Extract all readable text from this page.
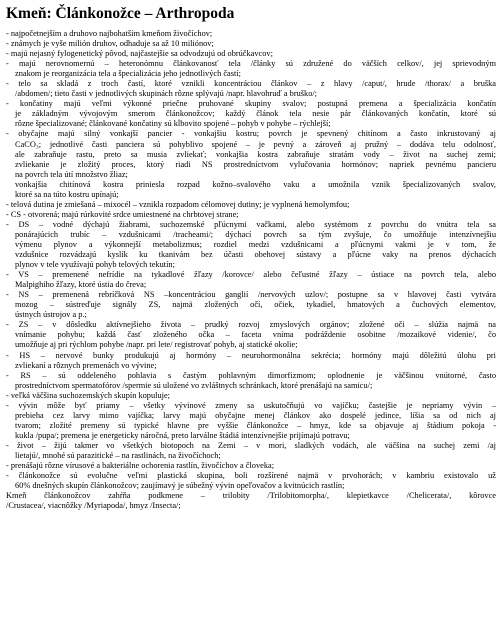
Kmeň: Článkonožce – Arthropoda
- najpočetnejším a druhovo najbohatším kmeňom živočíchov;
- známych je vyše milión druhov, odhaduje sa až 10 miliónov;
- majú nejasný fylogenetický pôvod, najčastejšie sa odvodzujú od obrúčkavcov;
- majú nerovnomernú – heteronómnu článkovanosť tela /články sú združené do väčších celkov/, jej sprievodným
znakom je reorganizácia tela a špecializácia jeho jednotlivých častí;
- telo sa skladá z troch častí, ktoré vznikli koncentráciou článkov – z hlavy /caput/, hrude /thorax/ a bruška
/abdomen/; tieto časti v jednotlivých skupinách rôzne splývajú /napr. hlavohruď a bruško/;
- končatiny majú veľmi výkonné priečne pruhované skupiny svalov; postupná premena a špecializácia končatín
je základným vývojovým smerom článkonožcov; každý článok tela nesie pár článkovaných končatín, ktoré sú
rôzne špecializované; článkované končatiny sú kĺbovito spojené – pohyb v pohybe – rýchlejší;
- obyčajne majú silný vonkajší pancier - vonkajšiu kostru; povrch je spevnený chitínom a často inkrustovaný aj
CaCO₃; jednotlivé časti panciera sú pohyblivo spojené – je pevný a zároveň aj pružný – dodáva telu odolnosť,
ale zabraňuje rastu, preto sa musia zvliekať; vonkajšia kostra zabraňuje stratám vody – život na suchej zemi;
zvliekanie je zložitý proces, ktorý riadi NS prostredníctvom vylučovania hormónov; napriek pevnému pancieru
na povrch tela útí množstvo žliaz;
vonkajšia chitínová kostra priniesla rozpad kožno–svalového vaku a umožnila vznik špecializovaných svalov,
ktoré sa na túto kostru upínajú;
- telová dutina je zmiešaná – mixocél – vznikla rozpadom célomovej dutiny; je vyplnená hemolymfou;
- CS - otvorená; majú rúrkovité srdce umiestnené na chrbtovej strane;
- DS – vodné dýchajú žiabrami, suchozemské pľúcnymi vačkami, alebo systémom z povrchu do vnútra tela sa
ponárajúcich trubíc – vzdušnicami /tracheami/; dýchací povrch sa tým zvyšuje, čo umožňuje intenzívnejšiu
výmenu plynov a výkonnejší metabolizmus; rozdiel medzi vzdušnicami a pľúcnymi vakmi je v tom, že
vzdušnice rozvádzajú kyslík ku tkanivám bez účasti obehovej sústavy a pľúcne vaky na prenos dýchacích
plynov v tele využívajú pohyb telových tekutín;
- VS – premenené nefrídie na tykadlové žľazy /korovce/ alebo čeľustné žľazy – ústiace na povrch tela, alebo
Malpighiho žľazy, ktoré ústia do čreva;
- NS – premenená rebríčková NS –koncentráciou ganglií /nervových uzlov/; postupne sa v hlavovej časti vytvára
mozog – sústreďuje signály ZS, najmä zložených očí, očiek, tykadiel, hmatových a čuchových elementov,
ústnych ústrojov a p.;
- ZS – v dôsledku aktívnejšieho života – prudký rozvoj zmyslových orgánov; zložené oči – slúžia najmä na
vnímanie pohybu; každá časť zloženého očka – faceta vníma podráždenie osobitne /mozaikové videnie/, čo
umožňuje aj pri rýchlom pohybe /napr. pri lete/ registrovať pohyb, aj statické okolie;
- HS – nervové bunky produkujú aj hormóny – neurohormonálna sekrécia; hormóny majú dôležitú úlohu pri
zvliekaní a rôznych premenách vo vývine;
- RS – sú oddeleného pohlavia s častým pohlavným dimorfizmom; oplodnenie je väčšinou vnútorné, často
prostredníctvom spermatofórov /spermie sú uložené vo zvláštnych schránkach, ktoré prenášajú na samicu/;
- veľká väčšina suchozemských skupín kopuluje;
- vývin môže byť priamy – všetky vývinové zmeny sa uskutočňujú vo vajíčku; častejšie je nepriamy vývin –
prebieha cez larvy mimo vajíčka; larvy majú obyčajne menej článkov ako dospelé jedince, líšia sa od nich aj
tvarom; zložité premeny sú typické hlavne pre vyššie článkonožce – hmyz, kde sa objavuje aj štádium pokoja -
kukla /pupa/; premena je energeticky náročná, preto larválne štádiá intenzívnejšie prijímajú potravu;
- život – žijú takmer vo všetkých biotopoch na Zemi – v mori, sladkých vodách, ale väčšina na suchej zemi /aj
lietajú/, mnohé sú parazitické – na rastlinách, na živočíchoch;
- prenášajú rôzne vírusové a bakteriálne ochorenia rastlín, živočíchov a človeka;
- článkonožce sú evolučne veľmi plastická skupina, boli rozšírené najmä v prvohorách; v kambriu existovalo už
60% dnešných skupín článkonožcov; zaujímavý je súbežný vývin opeľovačov a kvitnúcich rastlín;
Kmeň článkonožcov zahŕňa podkmene – trilobity /Trilobitomorpha/, klepietkavce /Chelicerata/, kôrovce
/Crustacea/, viacnôžky /Myriapoda/, hmyz /Insecta/;
